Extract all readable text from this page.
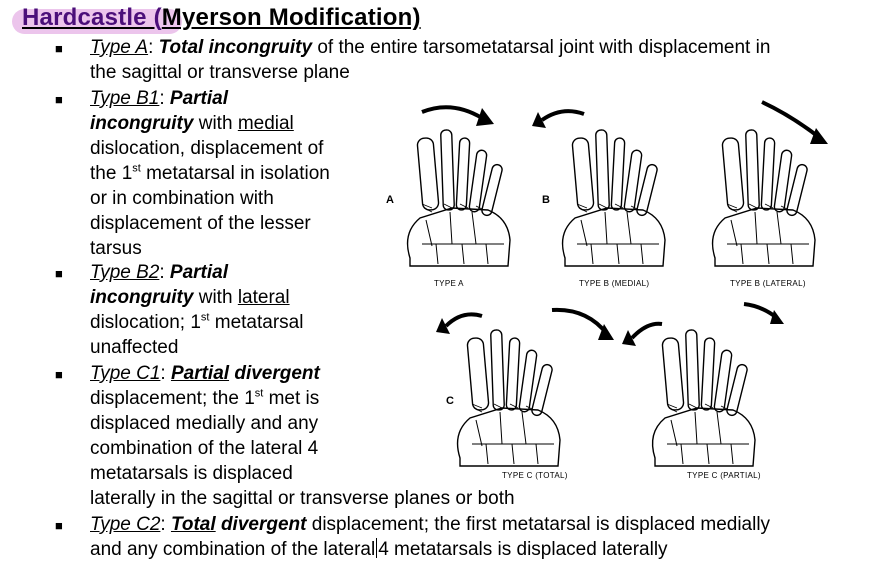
Hardcastle (Myerson Modification)
■ Type A: Total incongruity of the entire tarsometatarsal joint with displacement in
the sagittal or transverse plane
■ Type B1: Partial
incongruity with medial
dislocation, displacement of
the 1st metatarsal in isolation
or in combination with
displacement of the lesser
tarsus
■ Type B2: Partial
incongruity with lateral
dislocation; 1st metatarsal
unaffected
■ Type C1: Partial divergent
displacement; the 1st met is
displaced medially and any
combination of the lateral 4
metatarsals is displaced
laterally in the sagittal or transverse planes or both
■ Type C2: Total divergent displacement; the first metatarsal is displaced medially
and any combination of the lateral 4 metatarsals is displaced laterally
A	B
C
TYPE A	TYPE B (MEDIAL)	TYPE B (LATERAL)
TYPE C (TOTAL)	TYPE C (PARTIAL)
